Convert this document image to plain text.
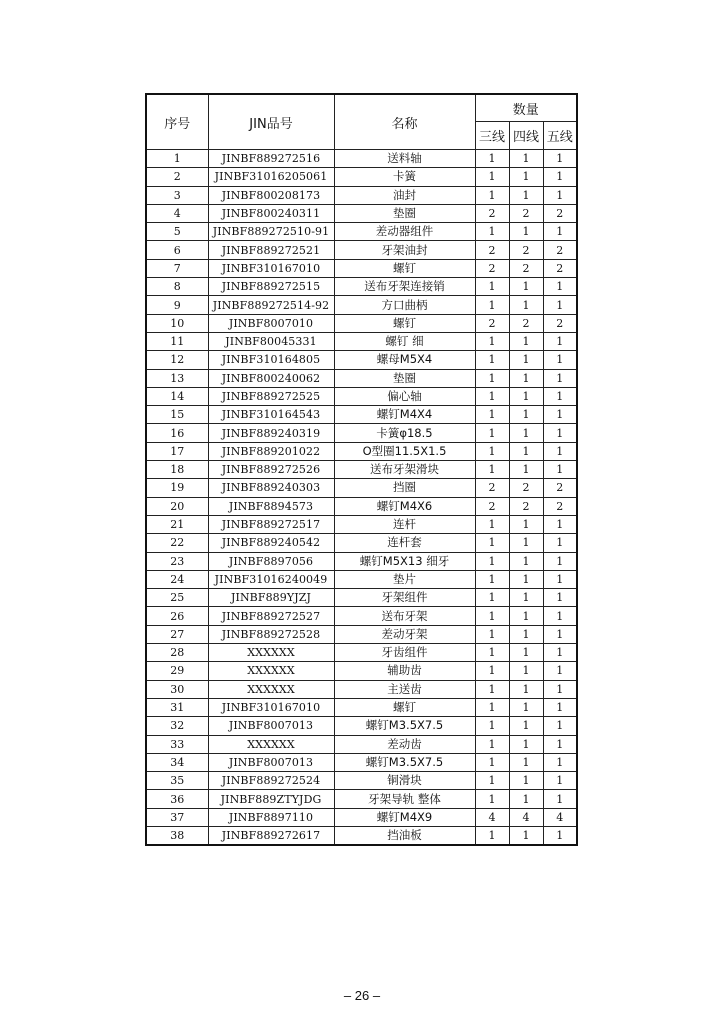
序号	JIN品号	名称	数量		
			三线	四线	五线
1	JINBF889272516	送料轴	1	1	1
2	JINBF31016205061	卡簧	1	1	1
3	JINBF800208173	油封	1	1	1
4	JINBF800240311	垫圈	2	2	2
5	JINBF889272510-91	差动器组件	1	1	1
6	JINBF889272521	牙架油封	2	2	2
7	JINBF310167010	螺钉	2	2	2
8	JINBF889272515	送布牙架连接销	1	1	1
9	JINBF889272514-92	方口曲柄	1	1	1
10	JINBF8007010	螺钉	2	2	2
11	JINBF80045331	螺钉 细	1	1	1
12	JINBF310164805	螺母M5X4	1	1	1
13	JINBF800240062	垫圈	1	1	1
14	JINBF889272525	偏心轴	1	1	1
15	JINBF310164543	螺钉M4X4	1	1	1
16	JINBF889240319	卡簧φ18.5	1	1	1
17	JINBF889201022	O型圈11.5X1.5	1	1	1
18	JINBF889272526	送布牙架滑块	1	1	1
19	JINBF889240303	挡圈	2	2	2
20	JINBF8894573	螺钉M4X6	2	2	2
21	JINBF889272517	连杆	1	1	1
22	JINBF889240542	连杆套	1	1	1
23	JINBF8897056	螺钉M5X13 细牙	1	1	1
24	JINBF31016240049	垫片	1	1	1
25	JINBF889YJZJ	牙架组件	1	1	1
26	JINBF889272527	送布牙架	1	1	1
27	JINBF889272528	差动牙架	1	1	1
28	XXXXXX	牙齿组件	1	1	1
29	XXXXXX	辅助齿	1	1	1
30	XXXXXX	主送齿	1	1	1
31	JINBF310167010	螺钉	1	1	1
32	JINBF8007013	螺钉M3.5X7.5	1	1	1
33	XXXXXX	差动齿	1	1	1
34	JINBF8007013	螺钉M3.5X7.5	1	1	1
35	JINBF889272524	铜滑块	1	1	1
36	JINBF889ZTYJDG	牙架导轨 整体	1	1	1
37	JINBF8897110	螺钉M4X9	4	4	4
38	JINBF889272617	挡油板	1	1	1
– 26 –
